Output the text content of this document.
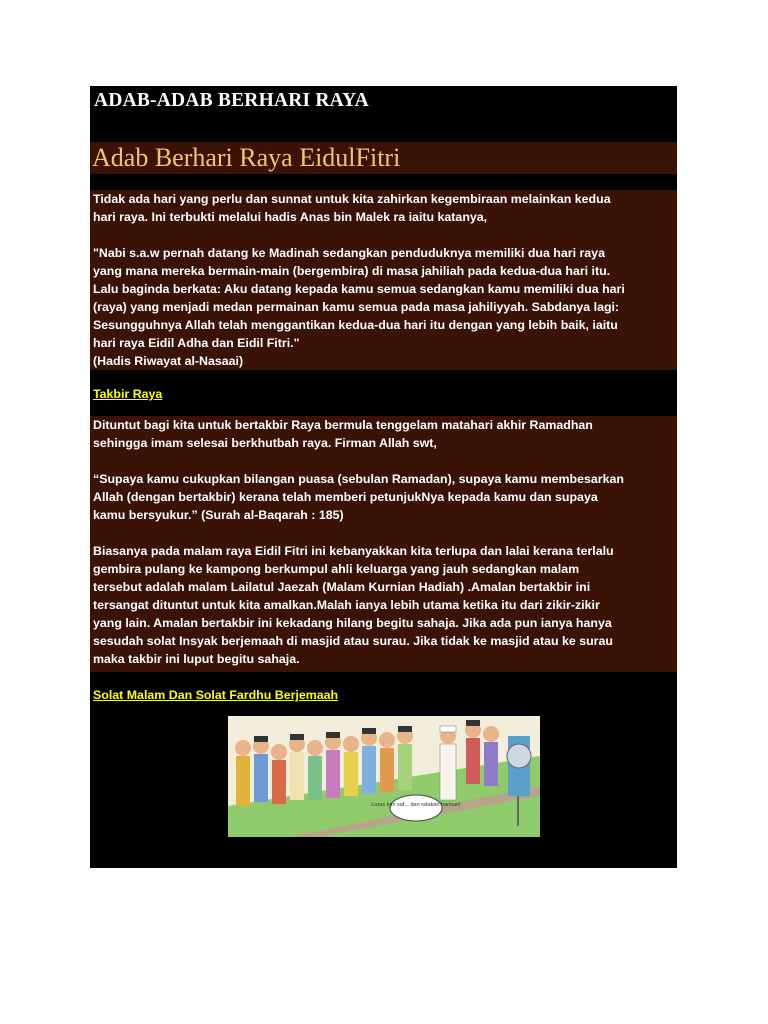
ADAB-ADAB BERHARI RAYA
Adab Berhari Raya EidulFitri

Tidak ada hari yang perlu dan sunnat untuk kita zahirkan kegembiraan melainkan kedua

hari raya. Ini terbukti melalui hadis Anas bin Malek ra iaitu katanya,

"Nabi s.a.w pernah datang ke Madinah sedangkan penduduknya memiliki dua hari raya

yang mana mereka bermain-main (bergembira) di masa jahiliah pada kedua-dua hari itu.

Lalu baginda berkata: Aku datang kepada kamu semua sedangkan kamu memiliki dua hari

(raya) yang menjadi medan permainan kamu semua pada masa jahiliyyah. Sabdanya lagi:

Sesungguhnya Allah telah menggantikan kedua-dua hari itu dengan yang lebih baik, iaitu

hari raya Eidil Adha dan Eidil Fitri."

(Hadis Riwayat al-Nasaai)

Takbir Raya

Dituntut bagi kita untuk bertakbir Raya bermula tenggelam matahari akhir Ramadhan

sehingga imam selesai berkhutbah raya. Firman Allah swt,

“Supaya kamu cukupkan bilangan puasa (sebulan Ramadan), supaya kamu membesarkan

Allah (dengan bertakbir) kerana telah memberi petunjukNya kepada kamu dan supaya

kamu bersyukur.” (Surah al-Baqarah : 185)

Biasanya pada malam raya Eidil Fitri ini kebanyakkan kita terlupa dan lalai kerana terlalu

gembira pulang ke kampong berkumpul ahli keluarga yang jauh sedangkan malam

tersebut adalah malam Lailatul Jaezah (Malam Kurnian Hadiah) .Amalan bertakbir ini

tersangat dituntut untuk kita amalkan.Malah ianya lebih utama ketika itu dari zikir-zikir

yang lain. Amalan bertakbir ini kekadang hilang begitu sahaja. Jika ada pun ianya hanya

sesudah solat Insyak berjemaah di masjid atau surau. Jika tidak ke masjid atau ke surau

maka takbir ini luput begitu sahaja.

Solat Malam Dan Solat Fardhu Berjemaah
Lurus kan saf... dan ratakan barisan!
